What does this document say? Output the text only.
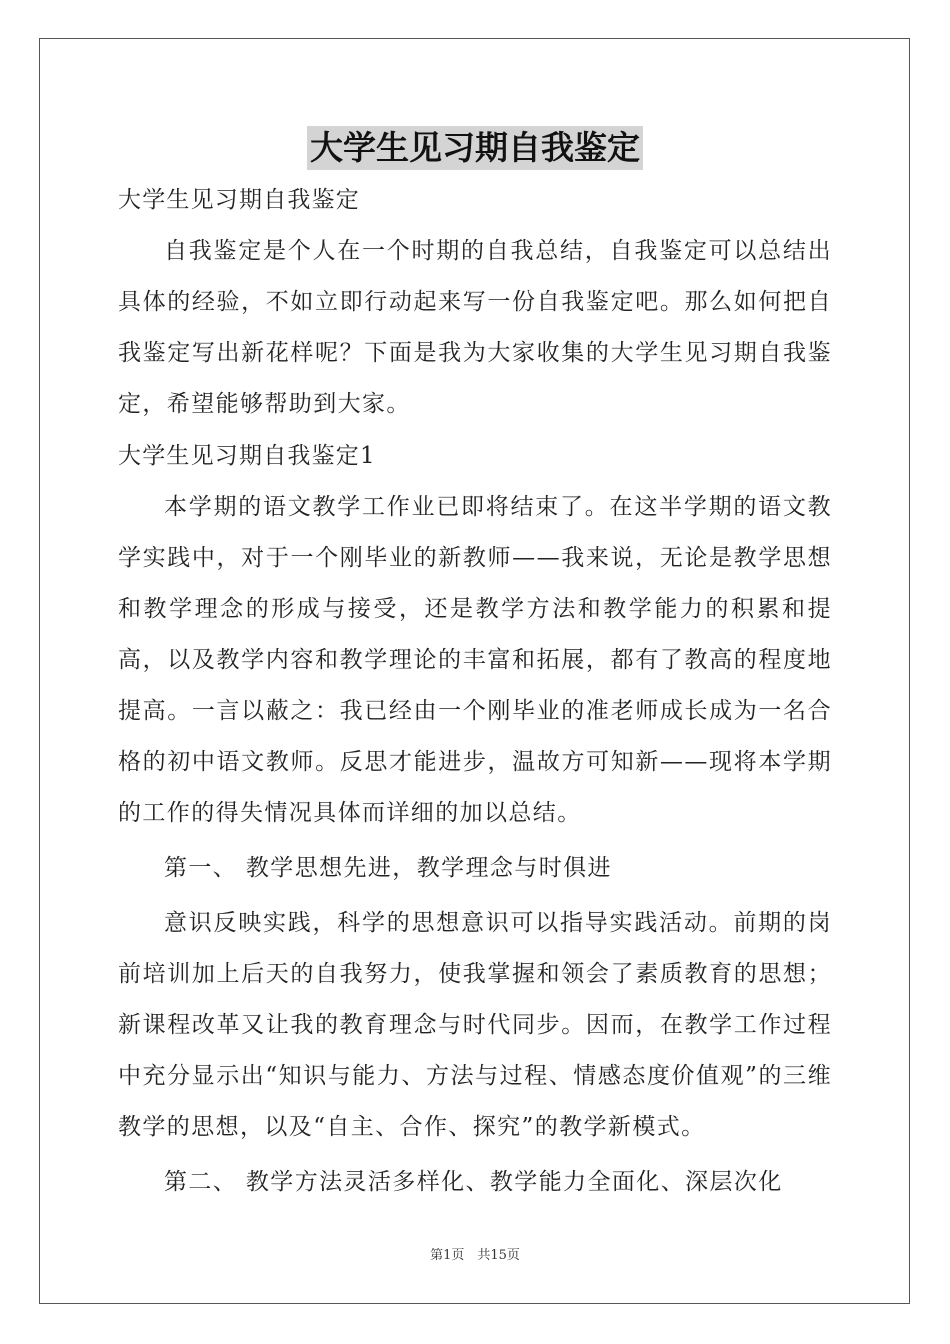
大学生见习期自我鉴定
大学生见习期自我鉴定

自我鉴定是个人在一个时期的自我总结，自我鉴定可以总结出具体的经验，不如立即行动起来写一份自我鉴定吧。那么如何把自我鉴定写出新花样呢？下面是我为大家收集的大学生见习期自我鉴定，希望能够帮助到大家。

大学生见习期自我鉴定1

本学期的语文教学工作业已即将结束了。在这半学期的语文教学实践中，对于一个刚毕业的新教师——我来说，无论是教学思想和教学理念的形成与接受，还是教学方法和教学能力的积累和提高，以及教学内容和教学理论的丰富和拓展，都有了教高的程度地提高。一言以蔽之：我已经由一个刚毕业的准老师成长成为一名合格的初中语文教师。反思才能进步，温故方可知新——现将本学期的工作的得失情况具体而详细的加以总结。

第一、 教学思想先进，教学理念与时俱进

意识反映实践，科学的思想意识可以指导实践活动。前期的岗前培训加上后天的自我努力，使我掌握和领会了素质教育的思想；新课程改革又让我的教育理念与时代同步。因而，在教学工作过程中充分显示出“知识与能力、方法与过程、情感态度价值观”的三维教学的思想，以及“自主、合作、探究”的教学新模式。

第二、 教学方法灵活多样化、教学能力全面化、深层次化

第1页　共15页
